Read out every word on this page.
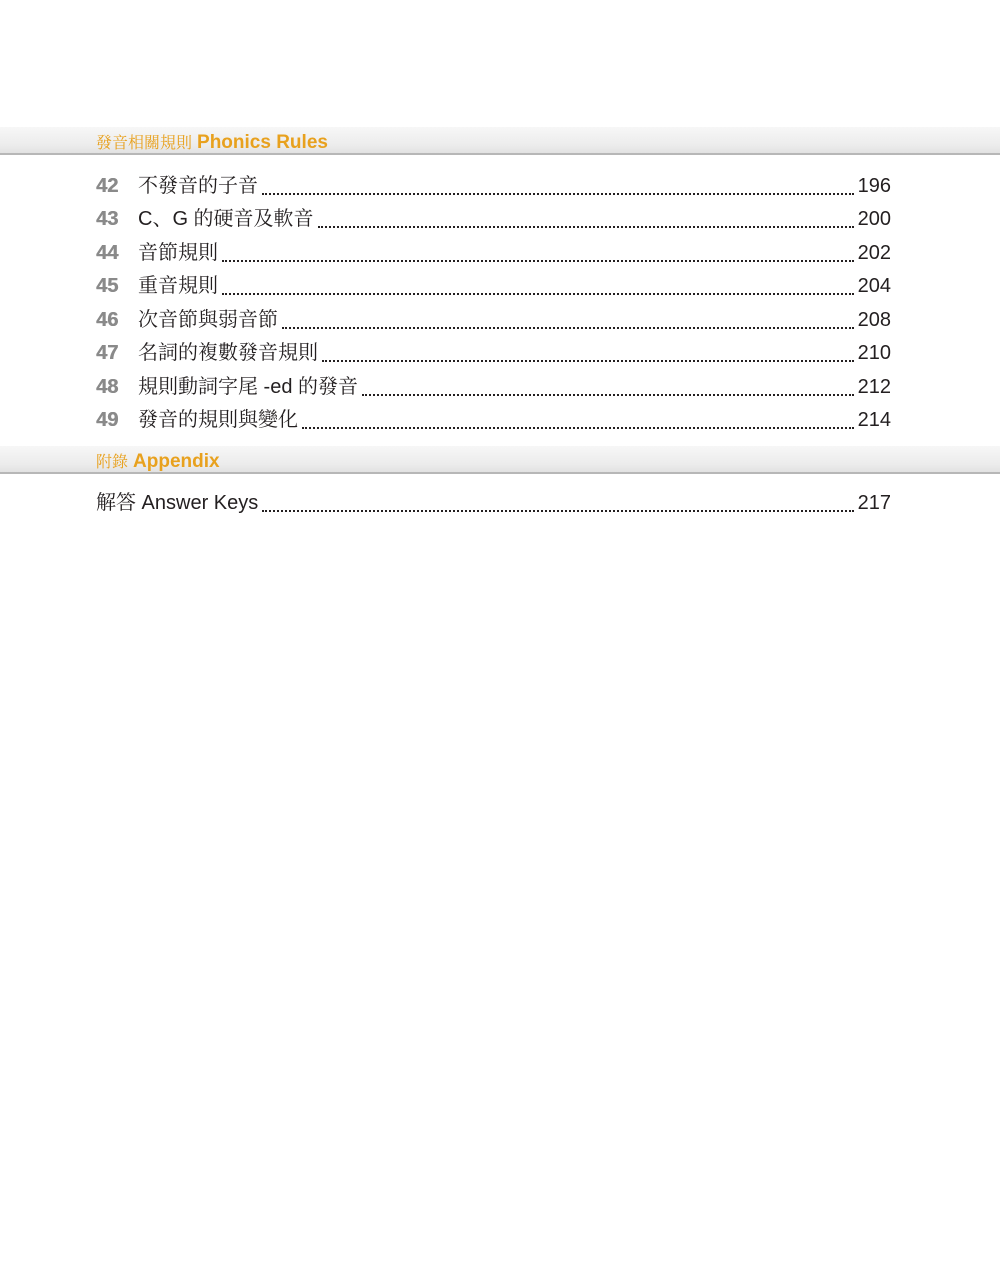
發音相關規則 Phonics Rules
42 不發音的子音	196
43 C、G 的硬音及軟音	200
44 音節規則	202
45 重音規則	204
46 次音節與弱音節	208
47 名詞的複數發音規則	210
48 規則動詞字尾 -ed 的發音	212
49 發音的規則與變化	214
附錄 Appendix
解答 Answer Keys	217
